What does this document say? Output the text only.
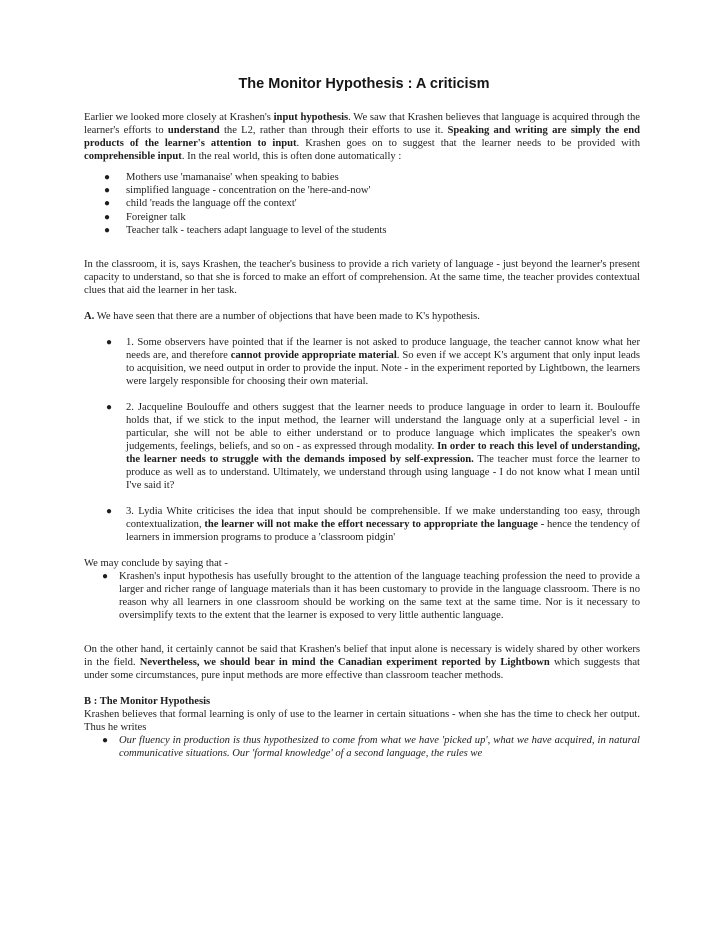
The Monitor Hypothesis : A criticism

Earlier we looked more closely at Krashen's input hypothesis. We saw that Krashen believes that language is acquired through the learner's efforts to understand the L2, rather than through their efforts to use it. Speaking and writing are simply the end products of the learner's attention to input. Krashen goes on to suggest that the learner needs to be provided with comprehensible input. In the real world, this is often done automatically :

● Mothers use 'mamanaise' when speaking to babies
● simplified language - concentration on the 'here-and-now'
● child 'reads the language off the context'
● Foreigner talk
● Teacher talk - teachers adapt language to level of the students

In the classroom, it is, says Krashen, the teacher's business to provide a rich variety of language - just beyond the learner's present capacity to understand, so that she is forced to make an effort of comprehension. At the same time, the teacher provides contextual clues that aid the learner in her task.

A. We have seen that there are a number of objections that have been made to K's hypothesis.

● 1. Some observers have pointed that if the learner is not asked to produce language, the teacher cannot know what her needs are, and therefore cannot provide appropriate material. So even if we accept K's argument that only input leads to acquisition, we need output in order to provide the input. Note - in the experiment reported by Lightbown, the learners were largely responsible for choosing their own material.
● 2. Jacqueline Boulouffe and others suggest that the learner needs to produce language in order to learn it. Boulouffe holds that, if we stick to the input method, the learner will understand the language only at a superficial level - in particular, she will not be able to either understand or to produce language which implicates the speaker's own judgements, feelings, beliefs, and so on - as expressed through modality. In order to reach this level of understanding, the learner needs to struggle with the demands imposed by self-expression. The teacher must force the learner to produce as well as to understand. Ultimately, we understand through using language - I do not know what I mean until I've said it?
● 3. Lydia White criticises the idea that input should be comprehensible. If we make understanding too easy, through contextualization, the learner will not make the effort necessary to appropriate the language - hence the tendency of learners in immersion programs to produce a 'classroom pidgin'

We may conclude by saying that -

● Krashen's input hypothesis has usefully brought to the attention of the language teaching profession the need to provide a larger and richer range of language materials than it has been customary to provide in the language classroom. There is no reason why all learners in one classroom should be working on the same text at the same time. Nor is it necessary to oversimplify texts to the extent that the learner is exposed to very little authentic language.

On the other hand, it certainly cannot be said that Krashen's belief that input alone is necessary is widely shared by other workers in the field. Nevertheless, we should bear in mind the Canadian experiment reported by Lightbown which suggests that under some circumstances, pure input methods are more effective than classroom teacher methods.

B : The Monitor Hypothesis

Krashen believes that formal learning is only of use to the learner in certain situations - when she has the time to check her output. Thus he writes

● Our fluency in production is thus hypothesized to come from what we have 'picked up', what we have acquired, in natural communicative situations. Our 'formal knowledge' of a second language, the rules we
